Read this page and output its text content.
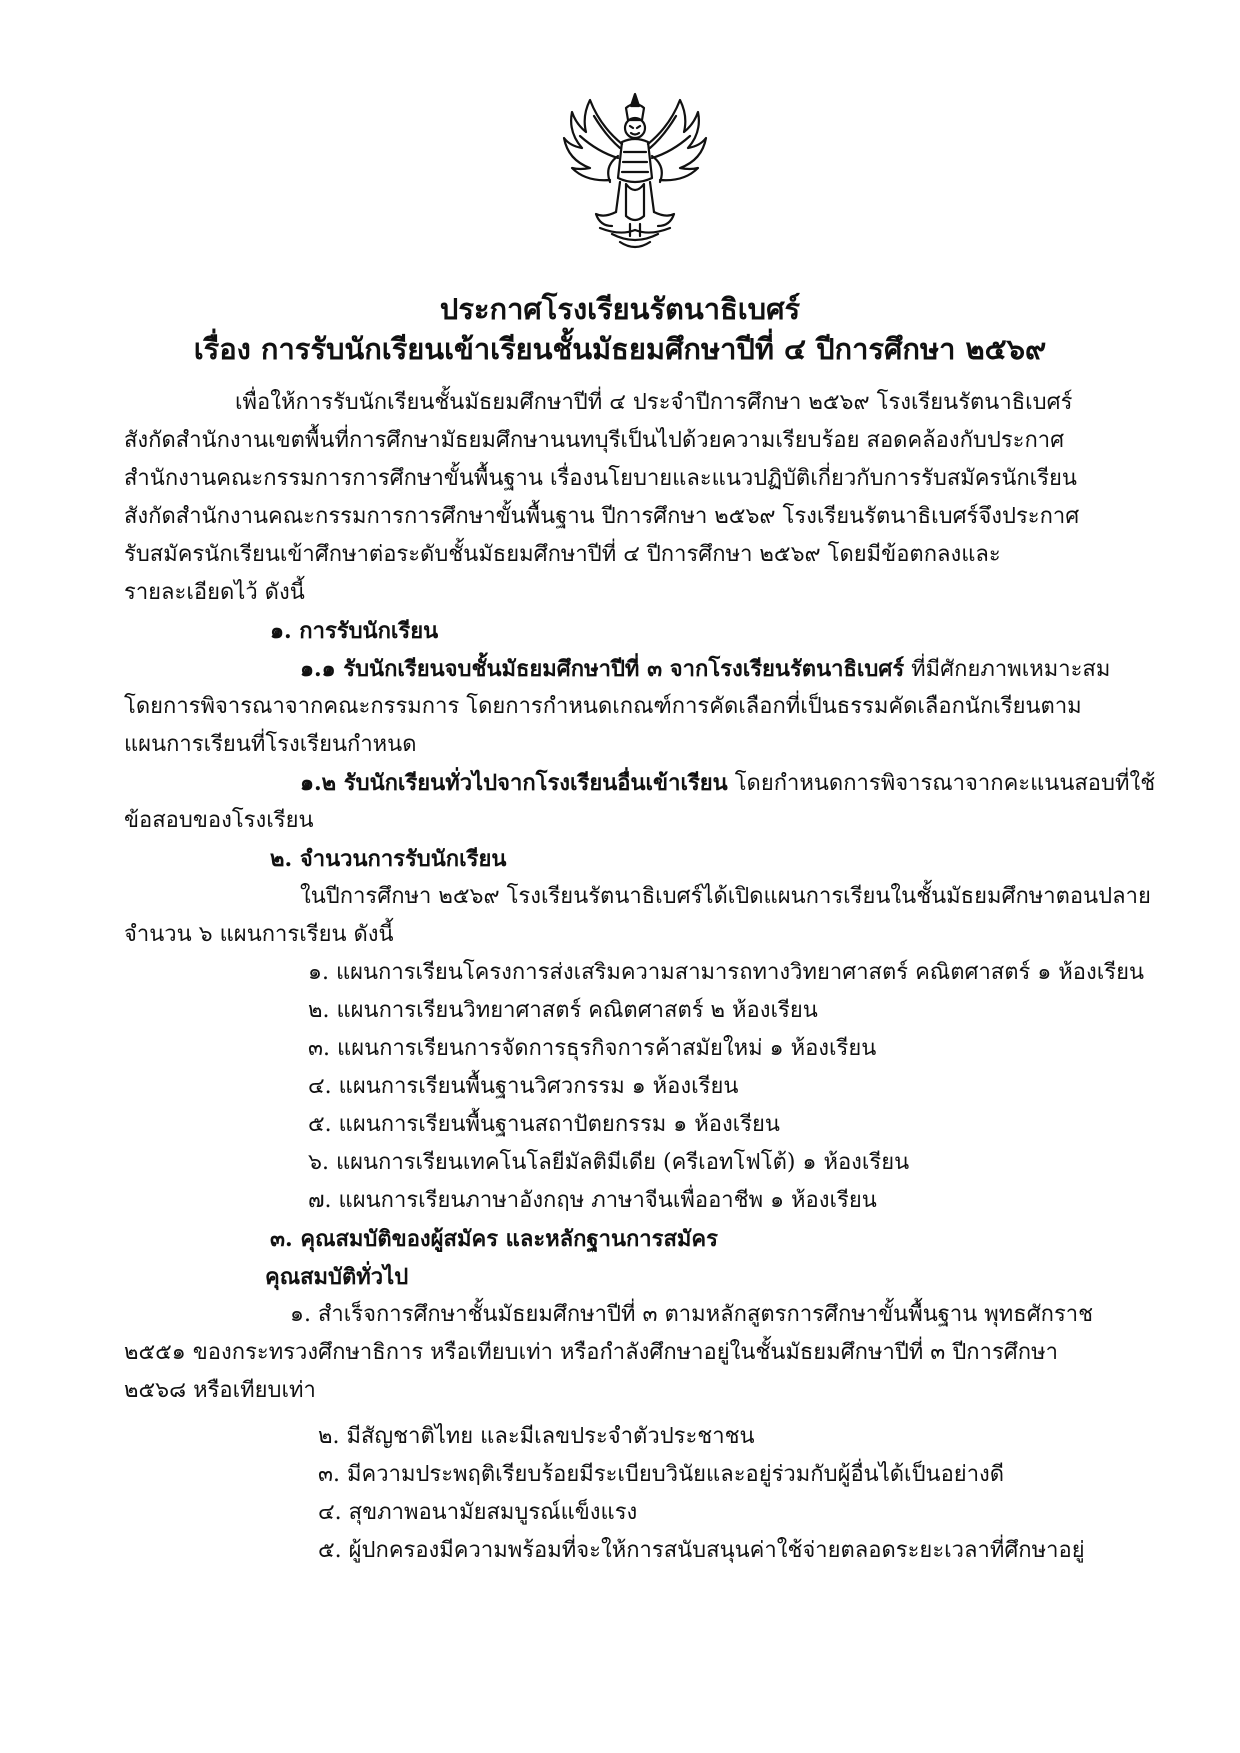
ประกาศโรงเรียนรัตนาธิเบศร์
เรื่อง การรับนักเรียนเข้าเรียนชั้นมัธยมศึกษาปีที่ ๔ ปีการศึกษา ๒๕๖๙
เพื่อให้การรับนักเรียนชั้นมัธยมศึกษาปีที่ ๔ ประจำปีการศึกษา ๒๕๖๙ โรงเรียนรัตนาธิเบศร์
สังกัดสำนักงานเขตพื้นที่การศึกษามัธยมศึกษานนทบุรีเป็นไปด้วยความเรียบร้อย สอดคล้องกับประกาศ
สำนักงานคณะกรรมการการศึกษาขั้นพื้นฐาน เรื่องนโยบายและแนวปฏิบัติเกี่ยวกับการรับสมัครนักเรียน
สังกัดสำนักงานคณะกรรมการการศึกษาขั้นพื้นฐาน ปีการศึกษา ๒๕๖๙ โรงเรียนรัตนาธิเบศร์จึงประกาศ
รับสมัครนักเรียนเข้าศึกษาต่อระดับชั้นมัธยมศึกษาปีที่ ๔ ปีการศึกษา ๒๕๖๙ โดยมีข้อตกลงและ
รายละเอียดไว้ ดังนี้
๑. การรับนักเรียน
๑.๑ รับนักเรียนจบชั้นมัธยมศึกษาปีที่ ๓ จากโรงเรียนรัตนาธิเบศร์ ที่มีศักยภาพเหมาะสม
โดยการพิจารณาจากคณะกรรมการ โดยการกำหนดเกณฑ์การคัดเลือกที่เป็นธรรมคัดเลือกนักเรียนตาม
แผนการเรียนที่โรงเรียนกำหนด
๑.๒ รับนักเรียนทั่วไปจากโรงเรียนอื่นเข้าเรียน โดยกำหนดการพิจารณาจากคะแนนสอบที่ใช้
ข้อสอบของโรงเรียน
๒. จำนวนการรับนักเรียน
ในปีการศึกษา ๒๕๖๙ โรงเรียนรัตนาธิเบศร์ได้เปิดแผนการเรียนในชั้นมัธยมศึกษาตอนปลาย
จำนวน ๖ แผนการเรียน ดังนี้
๑. แผนการเรียนโครงการส่งเสริมความสามารถทางวิทยาศาสตร์ คณิตศาสตร์ ๑ ห้องเรียน
๒. แผนการเรียนวิทยาศาสตร์ คณิตศาสตร์ ๒ ห้องเรียน
๓. แผนการเรียนการจัดการธุรกิจการค้าสมัยใหม่ ๑ ห้องเรียน
๔. แผนการเรียนพื้นฐานวิศวกรรม ๑ ห้องเรียน
๕. แผนการเรียนพื้นฐานสถาปัตยกรรม ๑ ห้องเรียน
๖. แผนการเรียนเทคโนโลยีมัลติมีเดีย (ครีเอทโฟโต้) ๑ ห้องเรียน
๗. แผนการเรียนภาษาอังกฤษ ภาษาจีนเพื่ออาชีพ ๑ ห้องเรียน
๓. คุณสมบัติของผู้สมัคร และหลักฐานการสมัคร
คุณสมบัติทั่วไป
๑. สำเร็จการศึกษาชั้นมัธยมศึกษาปีที่ ๓ ตามหลักสูตรการศึกษาขั้นพื้นฐาน พุทธศักราช
๒๕๕๑ ของกระทรวงศึกษาธิการ หรือเทียบเท่า หรือกำลังศึกษาอยู่ในชั้นมัธยมศึกษาปีที่ ๓ ปีการศึกษา
๒๕๖๘ หรือเทียบเท่า
๒. มีสัญชาติไทย และมีเลขประจำตัวประชาชน
๓. มีความประพฤติเรียบร้อยมีระเบียบวินัยและอยู่ร่วมกับผู้อื่นได้เป็นอย่างดี
๔. สุขภาพอนามัยสมบูรณ์แข็งแรง
๕. ผู้ปกครองมีความพร้อมที่จะให้การสนับสนุนค่าใช้จ่ายตลอดระยะเวลาที่ศึกษาอยู่
